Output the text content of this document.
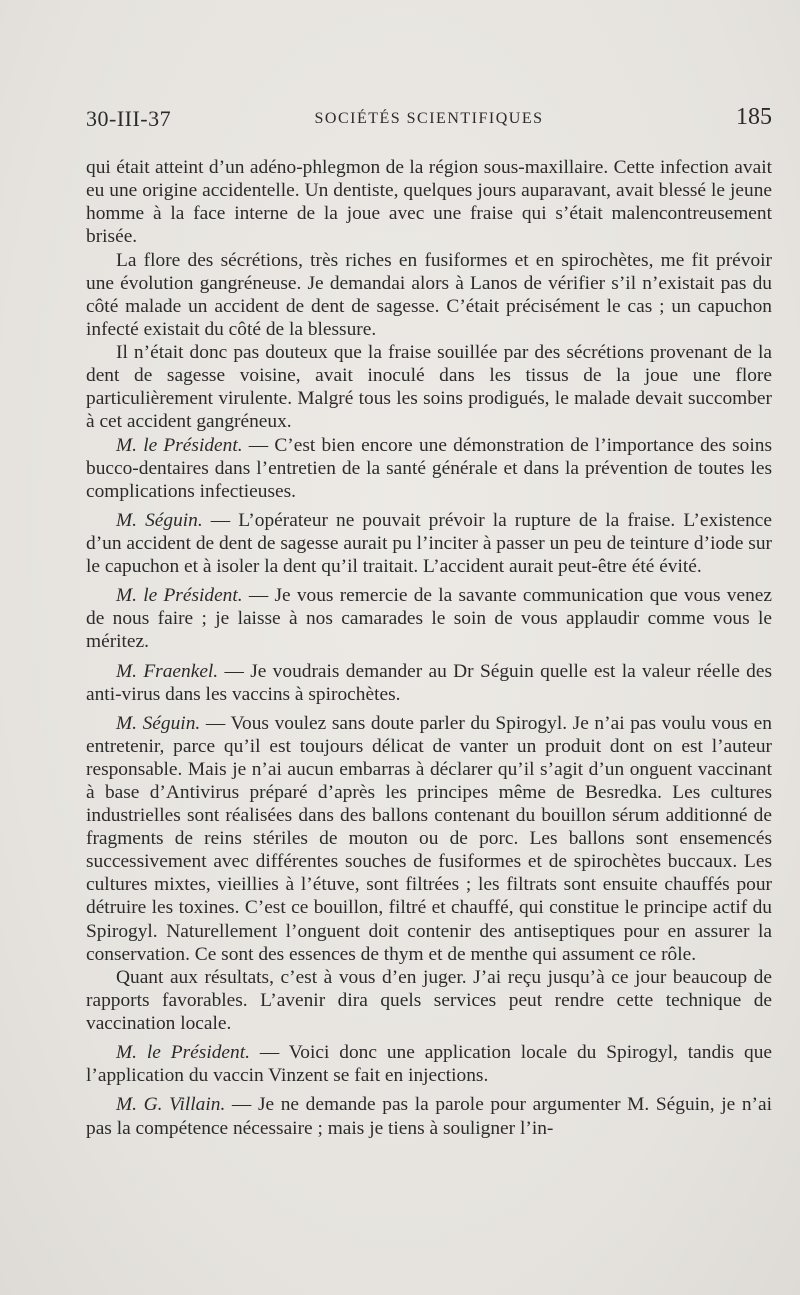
30-III-37	SOCIÉTÉS SCIENTIFIQUES	185

qui était atteint d’un adéno-phlegmon de la région sous-maxillaire. Cette infection avait eu une origine accidentelle. Un dentiste, quelques jours auparavant, avait blessé le jeune homme à la face interne de la joue avec une fraise qui s’était malencontreusement brisée.

La flore des sécrétions, très riches en fusiformes et en spirochètes, me fit prévoir une évolution gangréneuse. Je demandai alors à Lanos de vérifier s’il n’existait pas du côté malade un accident de dent de sagesse. C’était précisément le cas ; un capuchon infecté existait du côté de la blessure.

Il n’était donc pas douteux que la fraise souillée par des sécrétions provenant de la dent de sagesse voisine, avait inoculé dans les tissus de la joue une flore particulièrement virulente. Malgré tous les soins prodigués, le malade devait succomber à cet accident gangréneux.

M. le Président. — C’est bien encore une démonstration de l’importance des soins bucco-dentaires dans l’entretien de la santé générale et dans la prévention de toutes les complications infectieuses.

M. Séguin. — L’opérateur ne pouvait prévoir la rupture de la fraise. L’existence d’un accident de dent de sagesse aurait pu l’inciter à passer un peu de teinture d’iode sur le capuchon et à isoler la dent qu’il traitait. L’accident aurait peut-être été évité.

M. le Président. — Je vous remercie de la savante communication que vous venez de nous faire ; je laisse à nos camarades le soin de vous applaudir comme vous le méritez.

M. Fraenkel. — Je voudrais demander au Dr Séguin quelle est la valeur réelle des anti-virus dans les vaccins à spirochètes.

M. Séguin. — Vous voulez sans doute parler du Spirogyl. Je n’ai pas voulu vous en entretenir, parce qu’il est toujours délicat de vanter un produit dont on est l’auteur responsable. Mais je n’ai aucun embarras à déclarer qu’il s’agit d’un onguent vaccinant à base d’Antivirus préparé d’après les principes même de Besredka. Les cultures industrielles sont réalisées dans des ballons contenant du bouillon sérum additionné de fragments de reins stériles de mouton ou de porc. Les ballons sont ensemencés successivement avec différentes souches de fusiformes et de spirochètes buccaux. Les cultures mixtes, vieillies à l’étuve, sont filtrées ; les filtrats sont ensuite chauffés pour détruire les toxines. C’est ce bouillon, filtré et chauffé, qui constitue le principe actif du Spirogyl. Naturellement l’onguent doit contenir des antiseptiques pour en assurer la conservation. Ce sont des essences de thym et de menthe qui assument ce rôle.

Quant aux résultats, c’est à vous d’en juger. J’ai reçu jusqu’à ce jour beaucoup de rapports favorables. L’avenir dira quels services peut rendre cette technique de vaccination locale.

M. le Président. — Voici donc une application locale du Spirogyl, tandis que l’application du vaccin Vinzent se fait en injections.

M. G. Villain. — Je ne demande pas la parole pour argumenter M. Séguin, je n’ai pas la compétence nécessaire ; mais je tiens à souligner l’in-
